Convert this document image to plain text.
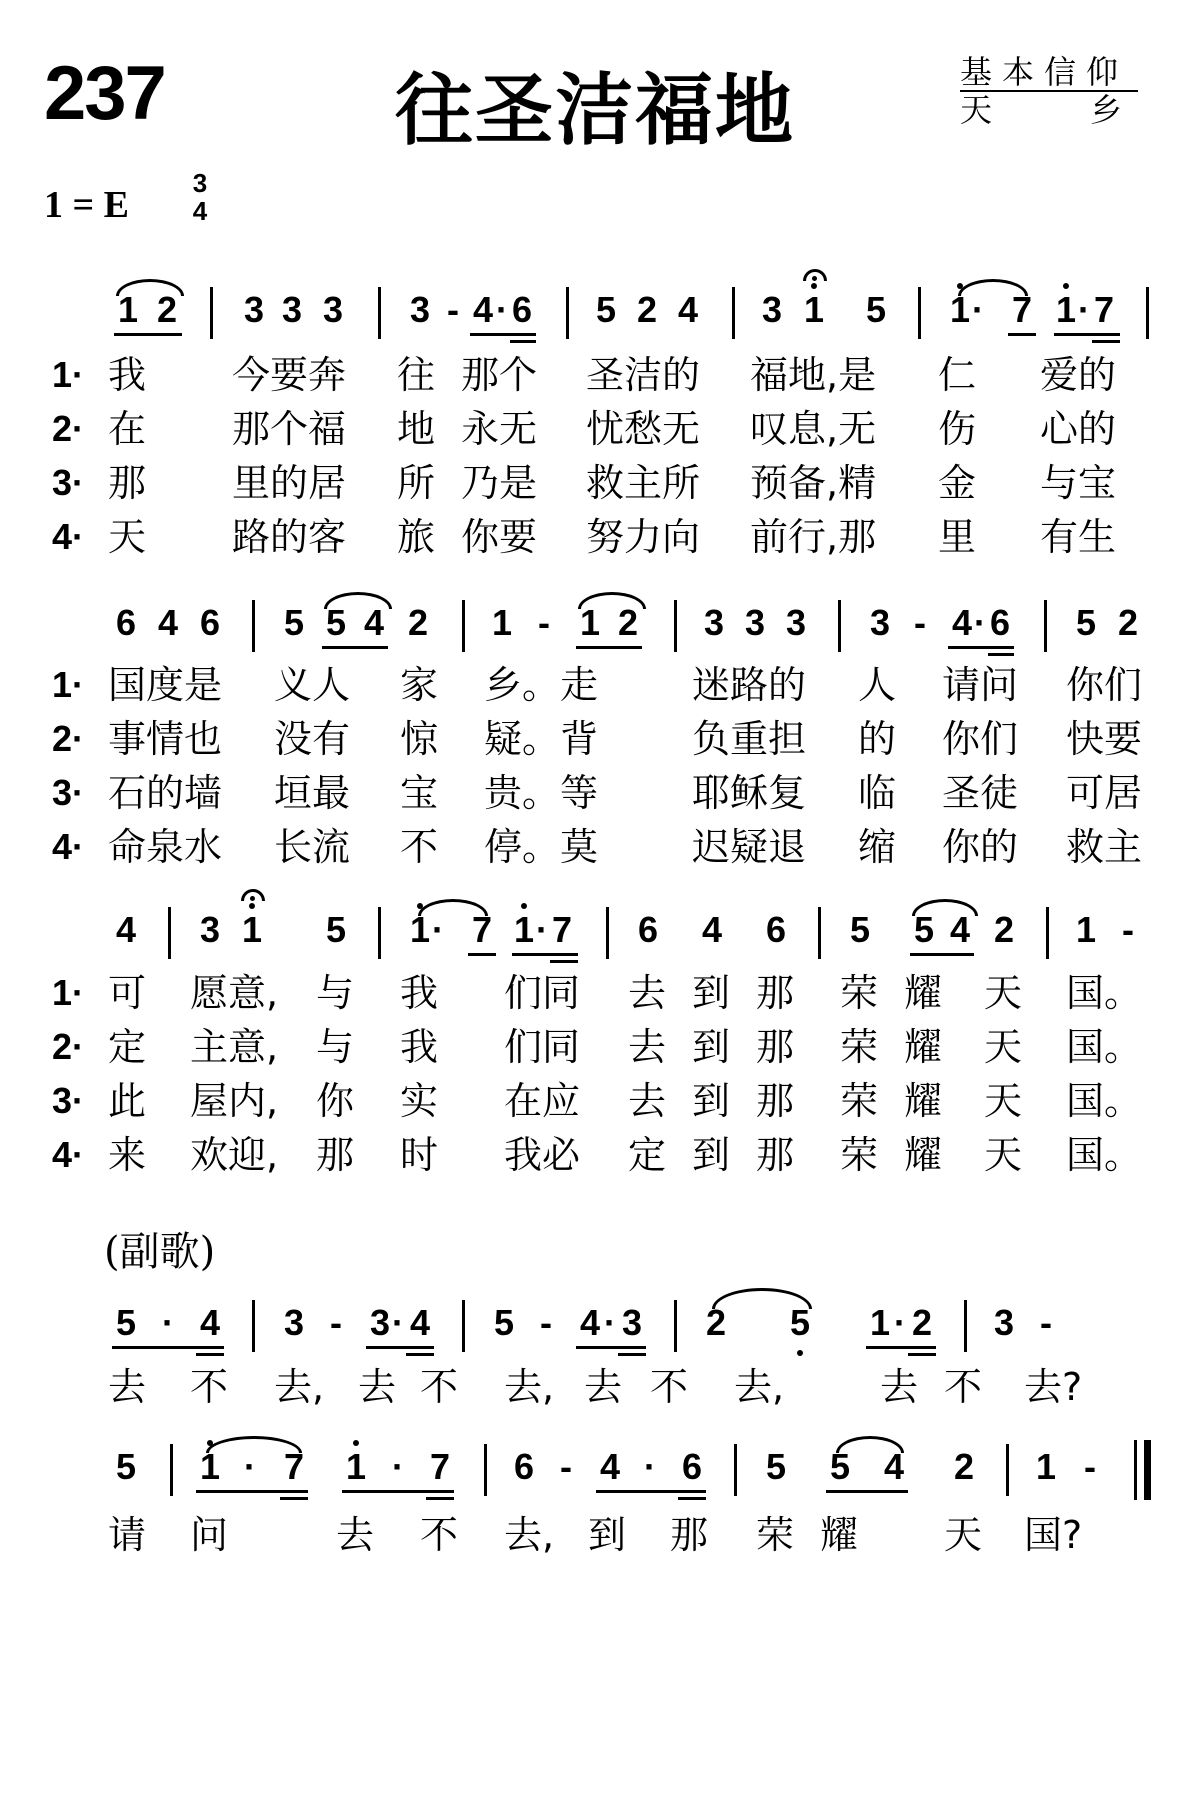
237	往圣洁福地	基本信仰
天	乡
1 = E
3
4
1 2 3 3 3 3 - 4 · 6 5 2 4 3 1 5 1 · 7 1 · 7
1· 我 今要奔 往 那个 圣洁的 福地,是 仁 爱的
2· 在 那个福 地 永无 忧愁无 叹息,无 伤 心的
3· 那 里的居 所 乃是 救主所 预备,精 金 与宝
4· 天 路的客 旅 你要 努力向 前行,那 里 有生
6 4 6 5 5 4 2 1 - 1 2 3 3 3 3 - 4 · 6 5 2
1· 国度是 义人 家 乡。走 迷路的 人 请问 你们
2· 事情也 没有 惊 疑。背 负重担 的 你们 快要
3· 石的墙 垣最 宝 贵。等 耶稣复 临 圣徒 可居
4· 命泉水 长流 不 停。莫 迟疑退 缩 你的 救主
4 3 1 5 1 · 7 1 · 7 6 4 6 5 5 4 2 1 -
1· 可 愿意, 与 我 们同 去 到 那 荣 耀 天 国。
2· 定 主意, 与 我 们同 去 到 那 荣 耀 天 国。
3· 此 屋内, 你 实 在应 去 到 那 荣 耀 天 国。
4· 来 欢迎, 那 时 我必 定 到 那 荣 耀 天 国。
(副歌)
5 · 4 3 - 3 · 4 5 - 4 · 3 2 5 1 · 2 3 -
去 不 去, 去 不 去, 去 不 去,	去 不 去?
5 1 · 7 1 · 7 6 - 4 · 6 5 5 4 2 1 -
请 问	去 不 去, 到 那 荣 耀 天 国?
